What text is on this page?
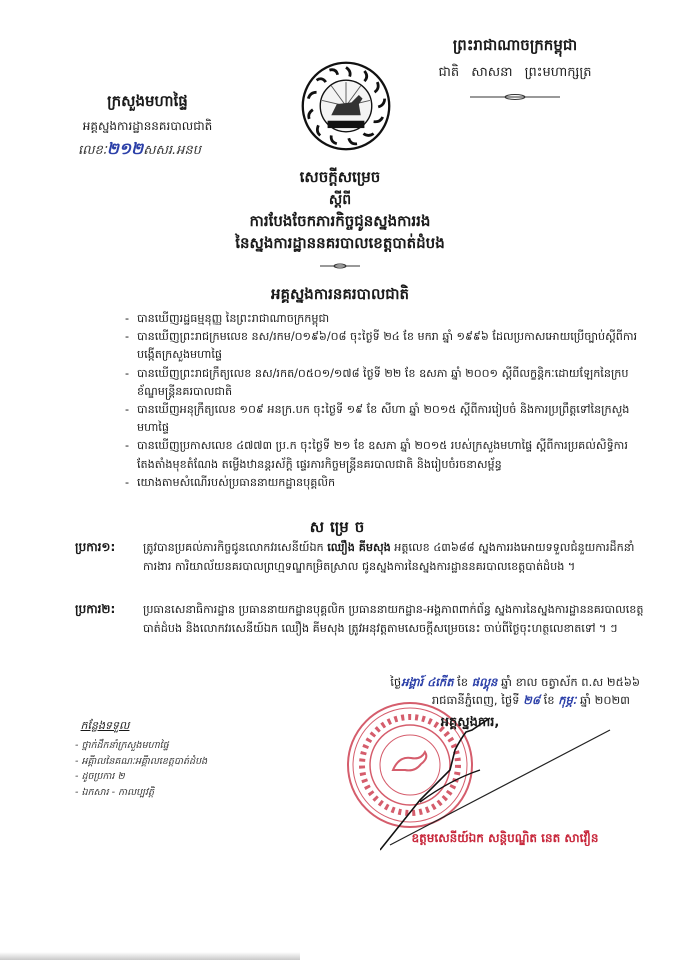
ក្រសួងមហាផ្ទៃ
អគ្គស្នងការដ្ឋាននគរបាលជាតិ
លេខៈ២១២សសរ.អនប
ព្រះរាជាណាចក្រកម្ពុជា
ជាតិ សាសនា ព្រះមហាក្សត្រ
សេចក្តីសម្រេច
ស្តីពី
ការបែងចែកភារកិច្ចជូនស្នងការរង
នៃស្នងការដ្ឋាននគរបាលខេត្តបាត់ដំបង
អគ្គស្នងការនគរបាលជាតិ
- បានឃើញរដ្ឋធម្មនុញ្ញ នៃព្រះរាជាណាចក្រកម្ពុជា
- បានឃើញព្រះរាជក្រមលេខ នស/រកម/០១៩៦/០៨ ចុះថ្ងៃទី ២៤ ខែ មករា ឆ្នាំ ១៩៩៦ ដែលប្រកាសអោយប្រើច្បាប់ស្តីពីការបង្កើតក្រសួងមហាផ្ទៃ
- បានឃើញព្រះរាជក្រឹត្យលេខ នស/រកត/០៥០១/១៧៨ ថ្ងៃទី ២២ ខែ ឧសភា ឆ្នាំ ២០០១ ស្តីពីលក្ខន្តិកៈដោយឡែកនៃក្របខ័ណ្ឌមន្ត្រីនគរបាលជាតិ
- បានឃើញអនុក្រឹត្យលេខ ១០៩ អនក្រ.បក ចុះថ្ងៃទី ១៩ ខែ សីហា ឆ្នាំ ២០១៥ ស្តីពីការរៀបចំ និងការប្រព្រឹត្តទៅនៃក្រសួងមហាផ្ទៃ
- បានឃើញប្រកាសលេខ ៤៧៧៣ ប្រ.ក ចុះថ្ងៃទី ២១ ខែ ឧសភា ឆ្នាំ ២០១៥ របស់ក្រសួងមហាផ្ទៃ ស្តីពីការប្រគល់សិទ្ធិការតែងតាំងមុខតំណែង តម្លើងឋានន្តរស័ក្តិ ផ្ទេរភារកិច្ចមន្ត្រីនគរបាលជាតិ និងរៀបចំរចនាសម្ព័ន្ធ
- យោងតាមសំណើរបស់ប្រធាននាយកដ្ឋានបុគ្គលិក
សម្រេច
ប្រការ១:	ត្រូវបានប្រគល់ភារកិច្ចជូនលោកវរសេនីយ៍ឯក ឈឿង គីមសុង អត្តលេខ ៤៣៦៨៨ ស្នងការរងអោយទទួលជំនួយការដឹកនាំការងារ ការិយាល័យនគរបាលព្រហ្មទណ្ឌកម្រិតស្រាល ជូនស្នងការនៃស្នងការដ្ឋាននគរបាលខេត្តបាត់ដំបង ។
ប្រការ២:	ប្រធានសេនាធិការដ្ឋាន ប្រធាននាយកដ្ឋានបុគ្គលិក ប្រធាននាយកដ្ឋាន-អង្គភាពពាក់ព័ន្ធ ស្នងការនៃស្នងការដ្ឋាននគរបាលខេត្តបាត់ដំបង និងលោកវរសេនីយ៍ឯក ឈឿង គីមសុង ត្រូវអនុវត្តតាមសេចក្តីសម្រេចនេះ ចាប់ពីថ្ងៃចុះហត្ថលេខាតទៅ ។ ៗ
ថ្ងៃអង្គារ៍ ៤កើត ខែ ផល្គុន ឆ្នាំ ខាល ចត្វាស័ក ព.ស ២៥៦៦
រាជធានីភ្នំពេញ, ថ្ងៃទី ២៨ ខែ កុម្ភៈ ឆ្នាំ ២០២៣
អគ្គស្នងការ,
ឧត្តមសេនីយ៍ឯក សន្តិបណ្ឌិត នេត សាវឿន
កន្លែងទទួល
- ថ្នាក់ដឹកនាំក្រសួងមហាផ្ទៃ
- អគ្គីាលនៃគណៈអគ្គីាលខេត្តបាត់ដំបង
- ដូចប្រការ ២
- ឯកសារ - កាលប្បវត្តិ
